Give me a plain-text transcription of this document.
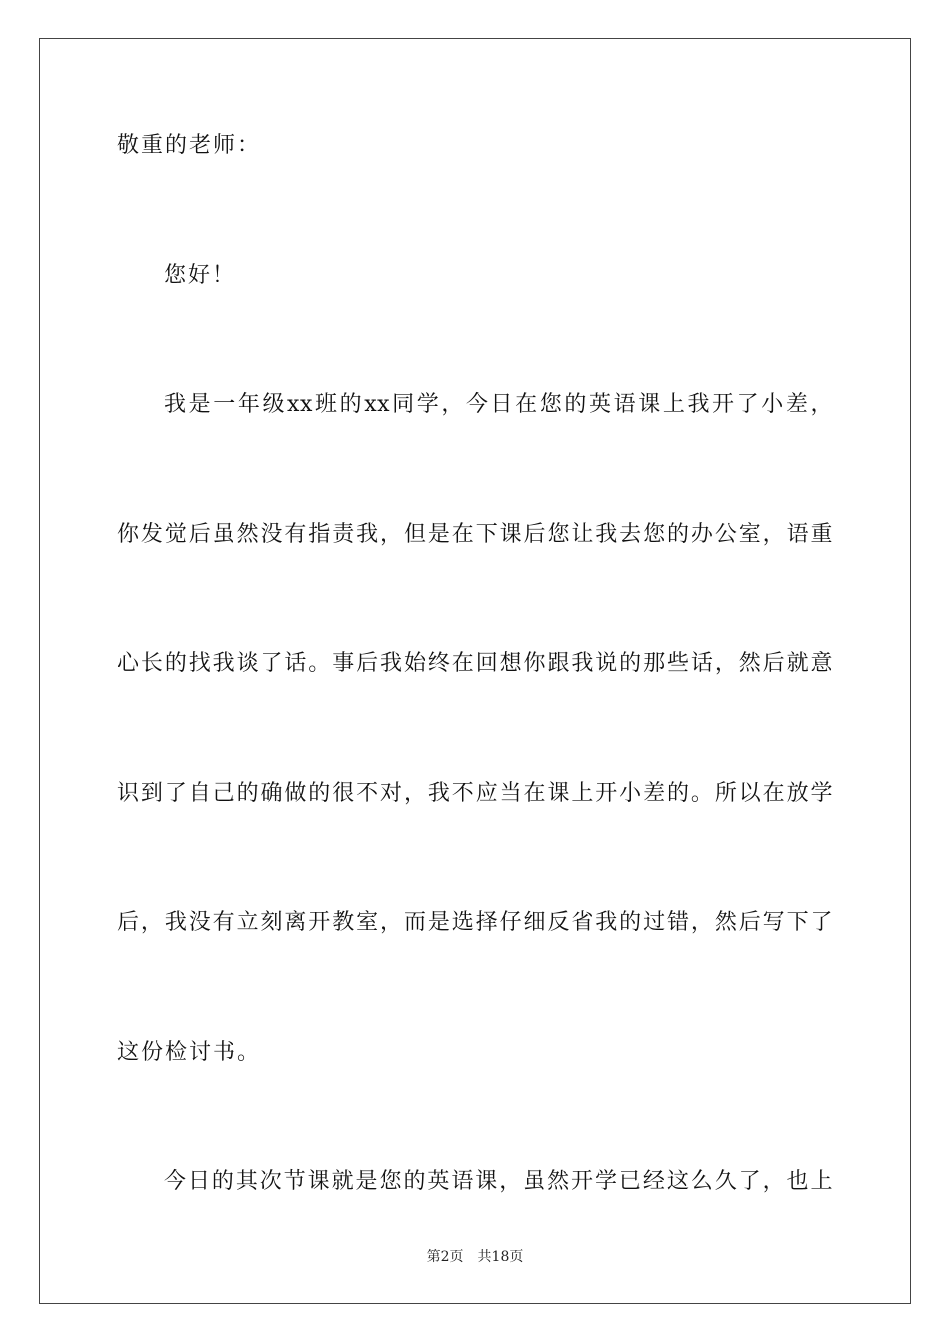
敬重的老师：
您好！
我是一年级xx班的xx同学，今日在您的英语课上我开了小差，
你发觉后虽然没有指责我，但是在下课后您让我去您的办公室，语重
心长的找我谈了话。事后我始终在回想你跟我说的那些话，然后就意
识到了自己的确做的很不对，我不应当在课上开小差的。所以在放学
后，我没有立刻离开教室，而是选择仔细反省我的过错，然后写下了
这份检讨书。
今日的其次节课就是您的英语课，虽然开学已经这么久了，也上
第2页 共18页
